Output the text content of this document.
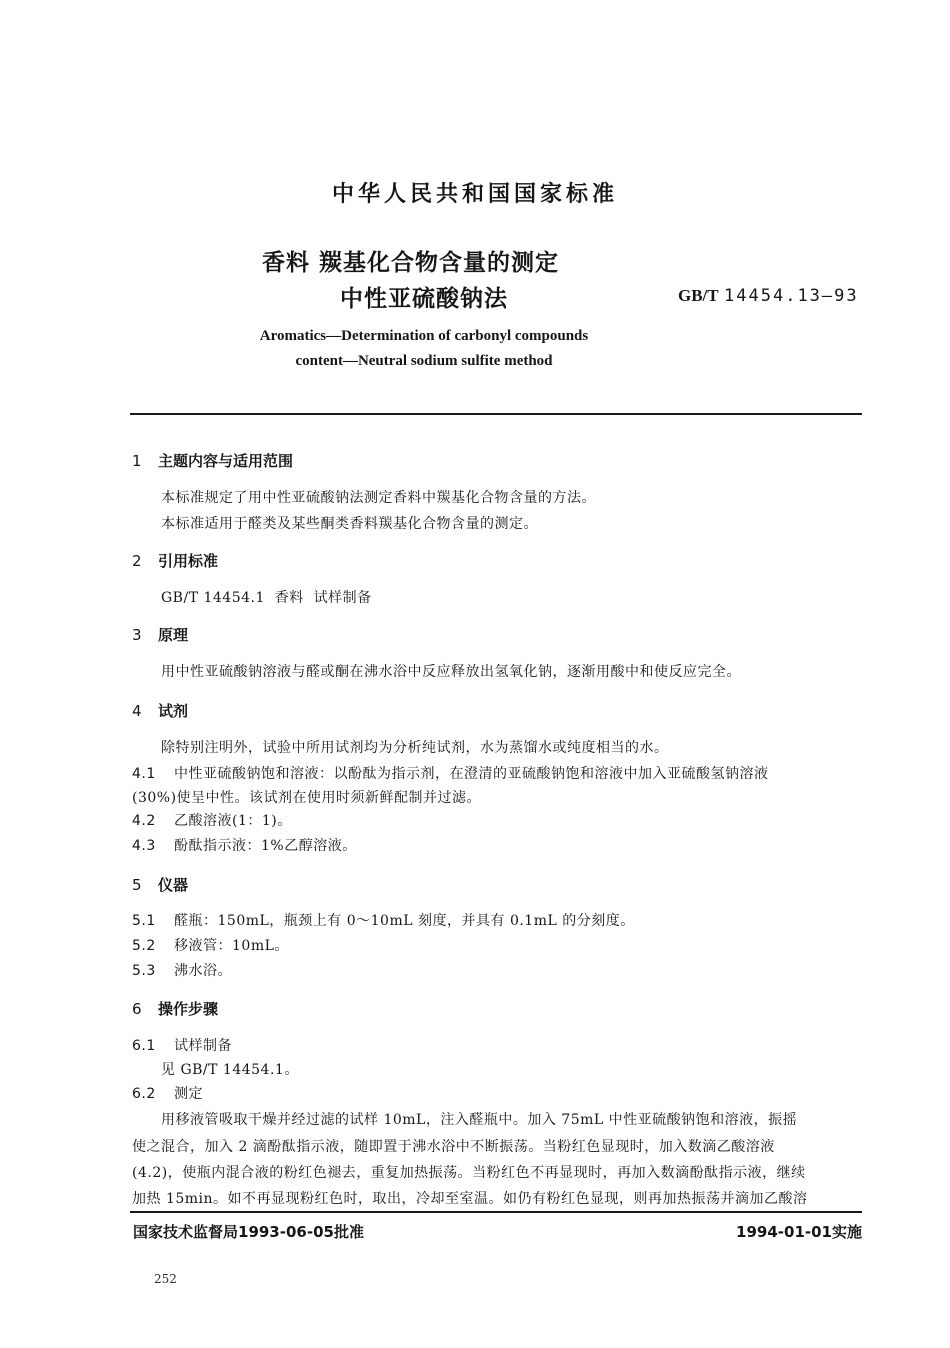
中华人民共和国国家标准
香料 羰基化合物含量的测定
中性亚硫酸钠法	GB/T 14454.13—93
Aromatics—Determination of carbonyl compounds
content—Neutral sodium sulfite method
1 主题内容与适用范围
本标准规定了用中性亚硫酸钠法测定香料中羰基化合物含量的方法。
本标准适用于醛类及某些酮类香料羰基化合物含量的测定。
2 引用标准
GB/T 14454.1  香料  试样制备
3 原理
用中性亚硫酸钠溶液与醛或酮在沸水浴中反应释放出氢氧化钠，逐渐用酸中和使反应完全。
4 试剂
除特别注明外，试验中所用试剂均为分析纯试剂，水为蒸馏水或纯度相当的水。
4.1 中性亚硫酸钠饱和溶液：以酚酞为指示剂，在澄清的亚硫酸钠饱和溶液中加入亚硫酸氢钠溶液
(30%)使呈中性。该试剂在使用时须新鲜配制并过滤。
4.2 乙酸溶液(1：1)。
4.3 酚酞指示液：1%乙醇溶液。
5 仪器
5.1 醛瓶：150mL，瓶颈上有 0～10mL 刻度，并具有 0.1mL 的分刻度。
5.2 移液管：10mL。
5.3 沸水浴。
6 操作步骤
6.1 试样制备
见 GB/T 14454.1。
6.2 测定
用移液管吸取干燥并经过滤的试样 10mL，注入醛瓶中。加入 75mL 中性亚硫酸钠饱和溶液，振摇
使之混合，加入 2 滴酚酞指示液，随即置于沸水浴中不断振荡。当粉红色显现时，加入数滴乙酸溶液
(4.2)，使瓶内混合液的粉红色褪去，重复加热振荡。当粉红色不再显现时，再加入数滴酚酞指示液，继续
加热 15min。如不再显现粉红色时，取出，冷却至室温。如仍有粉红色显现，则再加热振荡并滴加乙酸溶
国家技术监督局1993-06-05批准	1994-01-01实施
252
